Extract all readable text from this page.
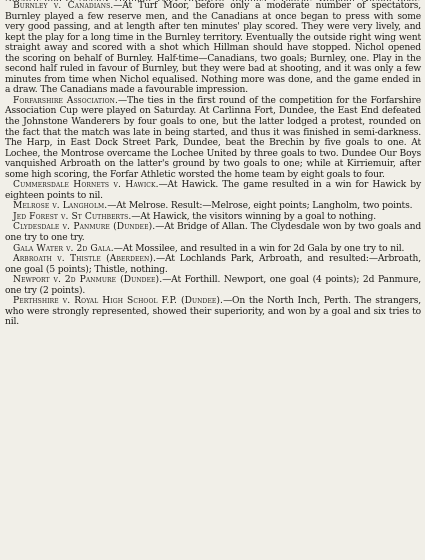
Burnley v. Canadians.—At Turf Moor, before only a moderate number of spectators, Burnley played a few reserve men, and the Canadians at once began to press with some very good passing, and at length after ten minutes' play scored. They were very lively, and kept the play for a long time in the Burnley territory. Eventually the outside right wing went straight away and scored with a shot which Hillman should have stopped. Nichol opened the scoring on behalf of Burnley. Half-time—Canadians, two goals; Burnley, one. Play in the second half ruled in favour of Burnley, but they were bad at shooting, and it was only a few minutes from time when Nichol equalised. Nothing more was done, and the game ended in a draw. The Canadians made a favourable impression.

Forfarshire Association.—The ties in the first round of the competition for the Forfarshire Association Cup were played on Saturday. At Carlinna Fort, Dundee, the East End defeated the Johnstone Wanderers by four goals to one, but the latter lodged a protest, rounded on the fact that the match was late in being started, and thus it was finished in semi-darkness. The Harp, in East Dock Street Park, Dundee, beat the Brechin by five goals to one. At Lochee, the Montrose overcame the Lochee United by three goals to two. Dundee Our Boys vanquished Arbroath on the latter's ground by two goals to one; while at Kirriemuir, after some high scoring, the Forfar Athletic worsted the home team by eight goals to four.

Cummersdale Hornets v. Hawick.—At Hawick. The game resulted in a win for Hawick by eighteen points to nil.

Melrose v. Langholm.—At Melrose. Result:—Melrose, eight points; Langholm, two points.

Jed Forest v. St Cuthberts.—At Hawick, the visitors winning by a goal to nothing.

Clydesdale v. Panmure (Dundee).—At Bridge of Allan. The Clydesdale won by two goals and one try to one try.

Gala Water v. 2d Gala.—At Mossilee, and resulted in a win for 2d Gala by one try to nil.

Arbroath v. Thistle (Aberdeen).—At Lochlands Park, Arbroath, and resulted:—Arbroath, one goal (5 points); Thistle, nothing.

Newport v. 2d Panmure (Dundee).—At Forthill. Newport, one goal (4 points); 2d Panmure, one try (2 points).

Perthshire v. Royal High School F.P. (Dundee).—On the North Inch, Perth. The strangers, who were strongly represented, showed their superiority, and won by a goal and six tries to nil.
